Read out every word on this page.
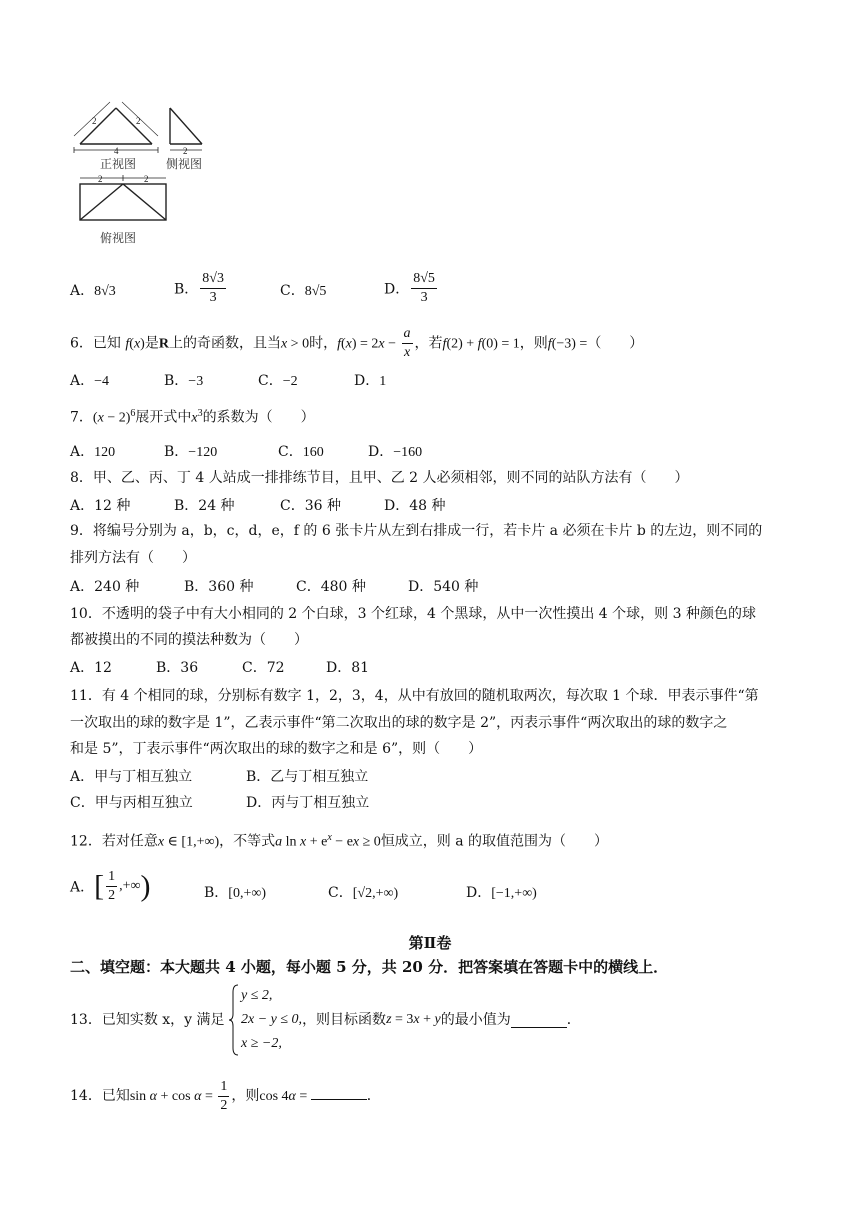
2	2
4
正视图
2
侧视图
2	2
俯视图
A．8√3	B． $\frac{8√3}{3}$	C．8√5	D． $\frac{8√5}{3}$
6．已知 f(x)是R上的奇函数，且当x > 0时，$f(x) = 2x - \frac{a}{x}$ ，若f(2) + f(0) = 1，则f(−3) =（　　）
A．−4	B．−3	C．−2	D．1
7．$(x - 2)^6$展开式中$x^3$的系数为（　　）
A．120	B．−120	C．160	D．−160
8．甲、乙、丙、丁 4 人站成一排排练节目，且甲、乙 2 人必须相邻，则不同的站队方法有（　　）
A．12 种	B．24 种	C．36 种	D．48 种
9．将编号分别为 a，b，c，d，e，f 的 6 张卡片从左到右排成一行，若卡片 a 必须在卡片 b 的左边，则不同的
排列方法有（　　）
A．240 种	B．360 种	C．480 种	D．540 种
10．不透明的袋子中有大小相同的 2 个白球，3 个红球，4 个黑球，从中一次性摸出 4 个球，则 3 种颜色的球
都被摸出的不同的摸法种数为（　　）
A．12	B．36	C．72	D．81
11．有 4 个相同的球，分别标有数字 1，2，3，4，从中有放回的随机取两次，每次取 1 个球．甲表示事件“第
一次取出的球的数字是 1”，乙表示事件“第二次取出的球的数字是 2”，丙表示事件“两次取出的球的数字之
和是 5”，丁表示事件“两次取出的球的数字之和是 6”，则（　　）
A．甲与丁相互独立	B．乙与丁相互独立
C．甲与丙相互独立	D．丙与丁相互独立
12．若对任意x ∈ [1,+∞)，不等式a $\ln x + e^x$ − ex ≥ 0恒成立，则 a 的取值范围为（　　）
A．[ $\frac{1}{2}$ ,+∞)	B．[0,+∞)	C．[√2,+∞)	D．[−1,+∞)
第Ⅱ卷
二、填空题：本大题共 4 小题，每小题 5 分，共 20 分．把答案填在答题卡中的横线上．
13．已知实数 x，y 满足
y ≤ 2,
2x − y ≤ 0,
x ≥ −2,
，则目标函数z = 3x + y的最小值为	．
14．已知$\sin \alpha + \cos \alpha = \frac{1}{2}$ ，则cos 4α =	．
